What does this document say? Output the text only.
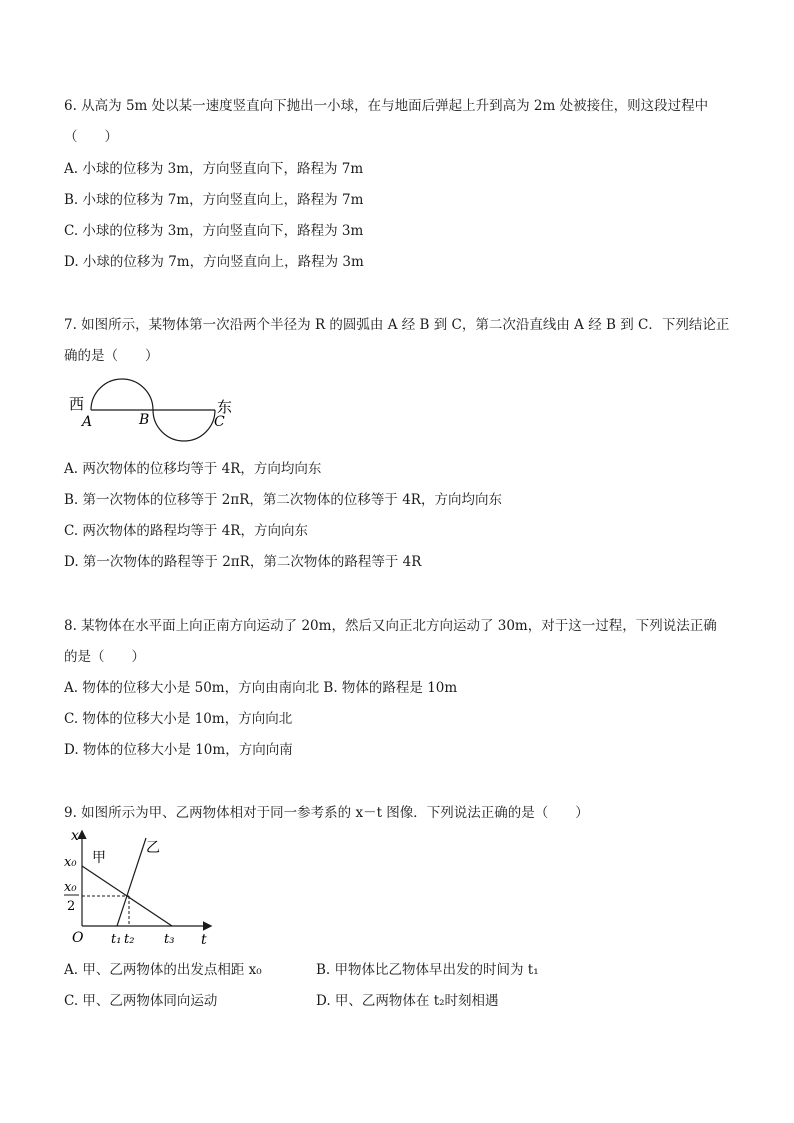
6. 从高为 5m 处以某一速度竖直向下抛出一小球，在与地面后弹起上升到高为 2m 处被接住，则这段过程中
（　　）
A. 小球的位移为 3m，方向竖直向下，路程为 7m
B. 小球的位移为 7m，方向竖直向上，路程为 7m
C. 小球的位移为 3m，方向竖直向下，路程为 3m
D. 小球的位移为 7m，方向竖直向上，路程为 3m
7. 如图所示，某物体第一次沿两个半径为 R 的圆弧由 A 经 B 到 C，第二次沿直线由 A 经 B 到 C．下列结论正
确的是（　　）
西	东
A	B	C
A. 两次物体的位移均等于 4R，方向均向东
B. 第一次物体的位移等于 2πR，第二次物体的位移等于 4R，方向均向东
C. 两次物体的路程均等于 4R，方向向东
D. 第一次物体的路程等于 2πR，第二次物体的路程等于 4R
8. 某物体在水平面上向正南方向运动了 20m，然后又向正北方向运动了 30m，对于这一过程，下列说法正确
的是（　　）
A. 物体的位移大小是 50m，方向由南向北 B. 物体的路程是 10m
C. 物体的位移大小是 10m，方向向北
D. 物体的位移大小是 10m，方向向南
9. 如图所示为甲、乙两物体相对于同一参考系的 x－t 图像．下列说法正确的是（　　）
x
t
O
x₀
x₀
2
甲
乙
t₁ t₂ t₃
A. 甲、乙两物体的出发点相距 x₀	B. 甲物体比乙物体早出发的时间为 t₁
C. 甲、乙两物体同向运动	D. 甲、乙两物体在 t₂时刻相遇
